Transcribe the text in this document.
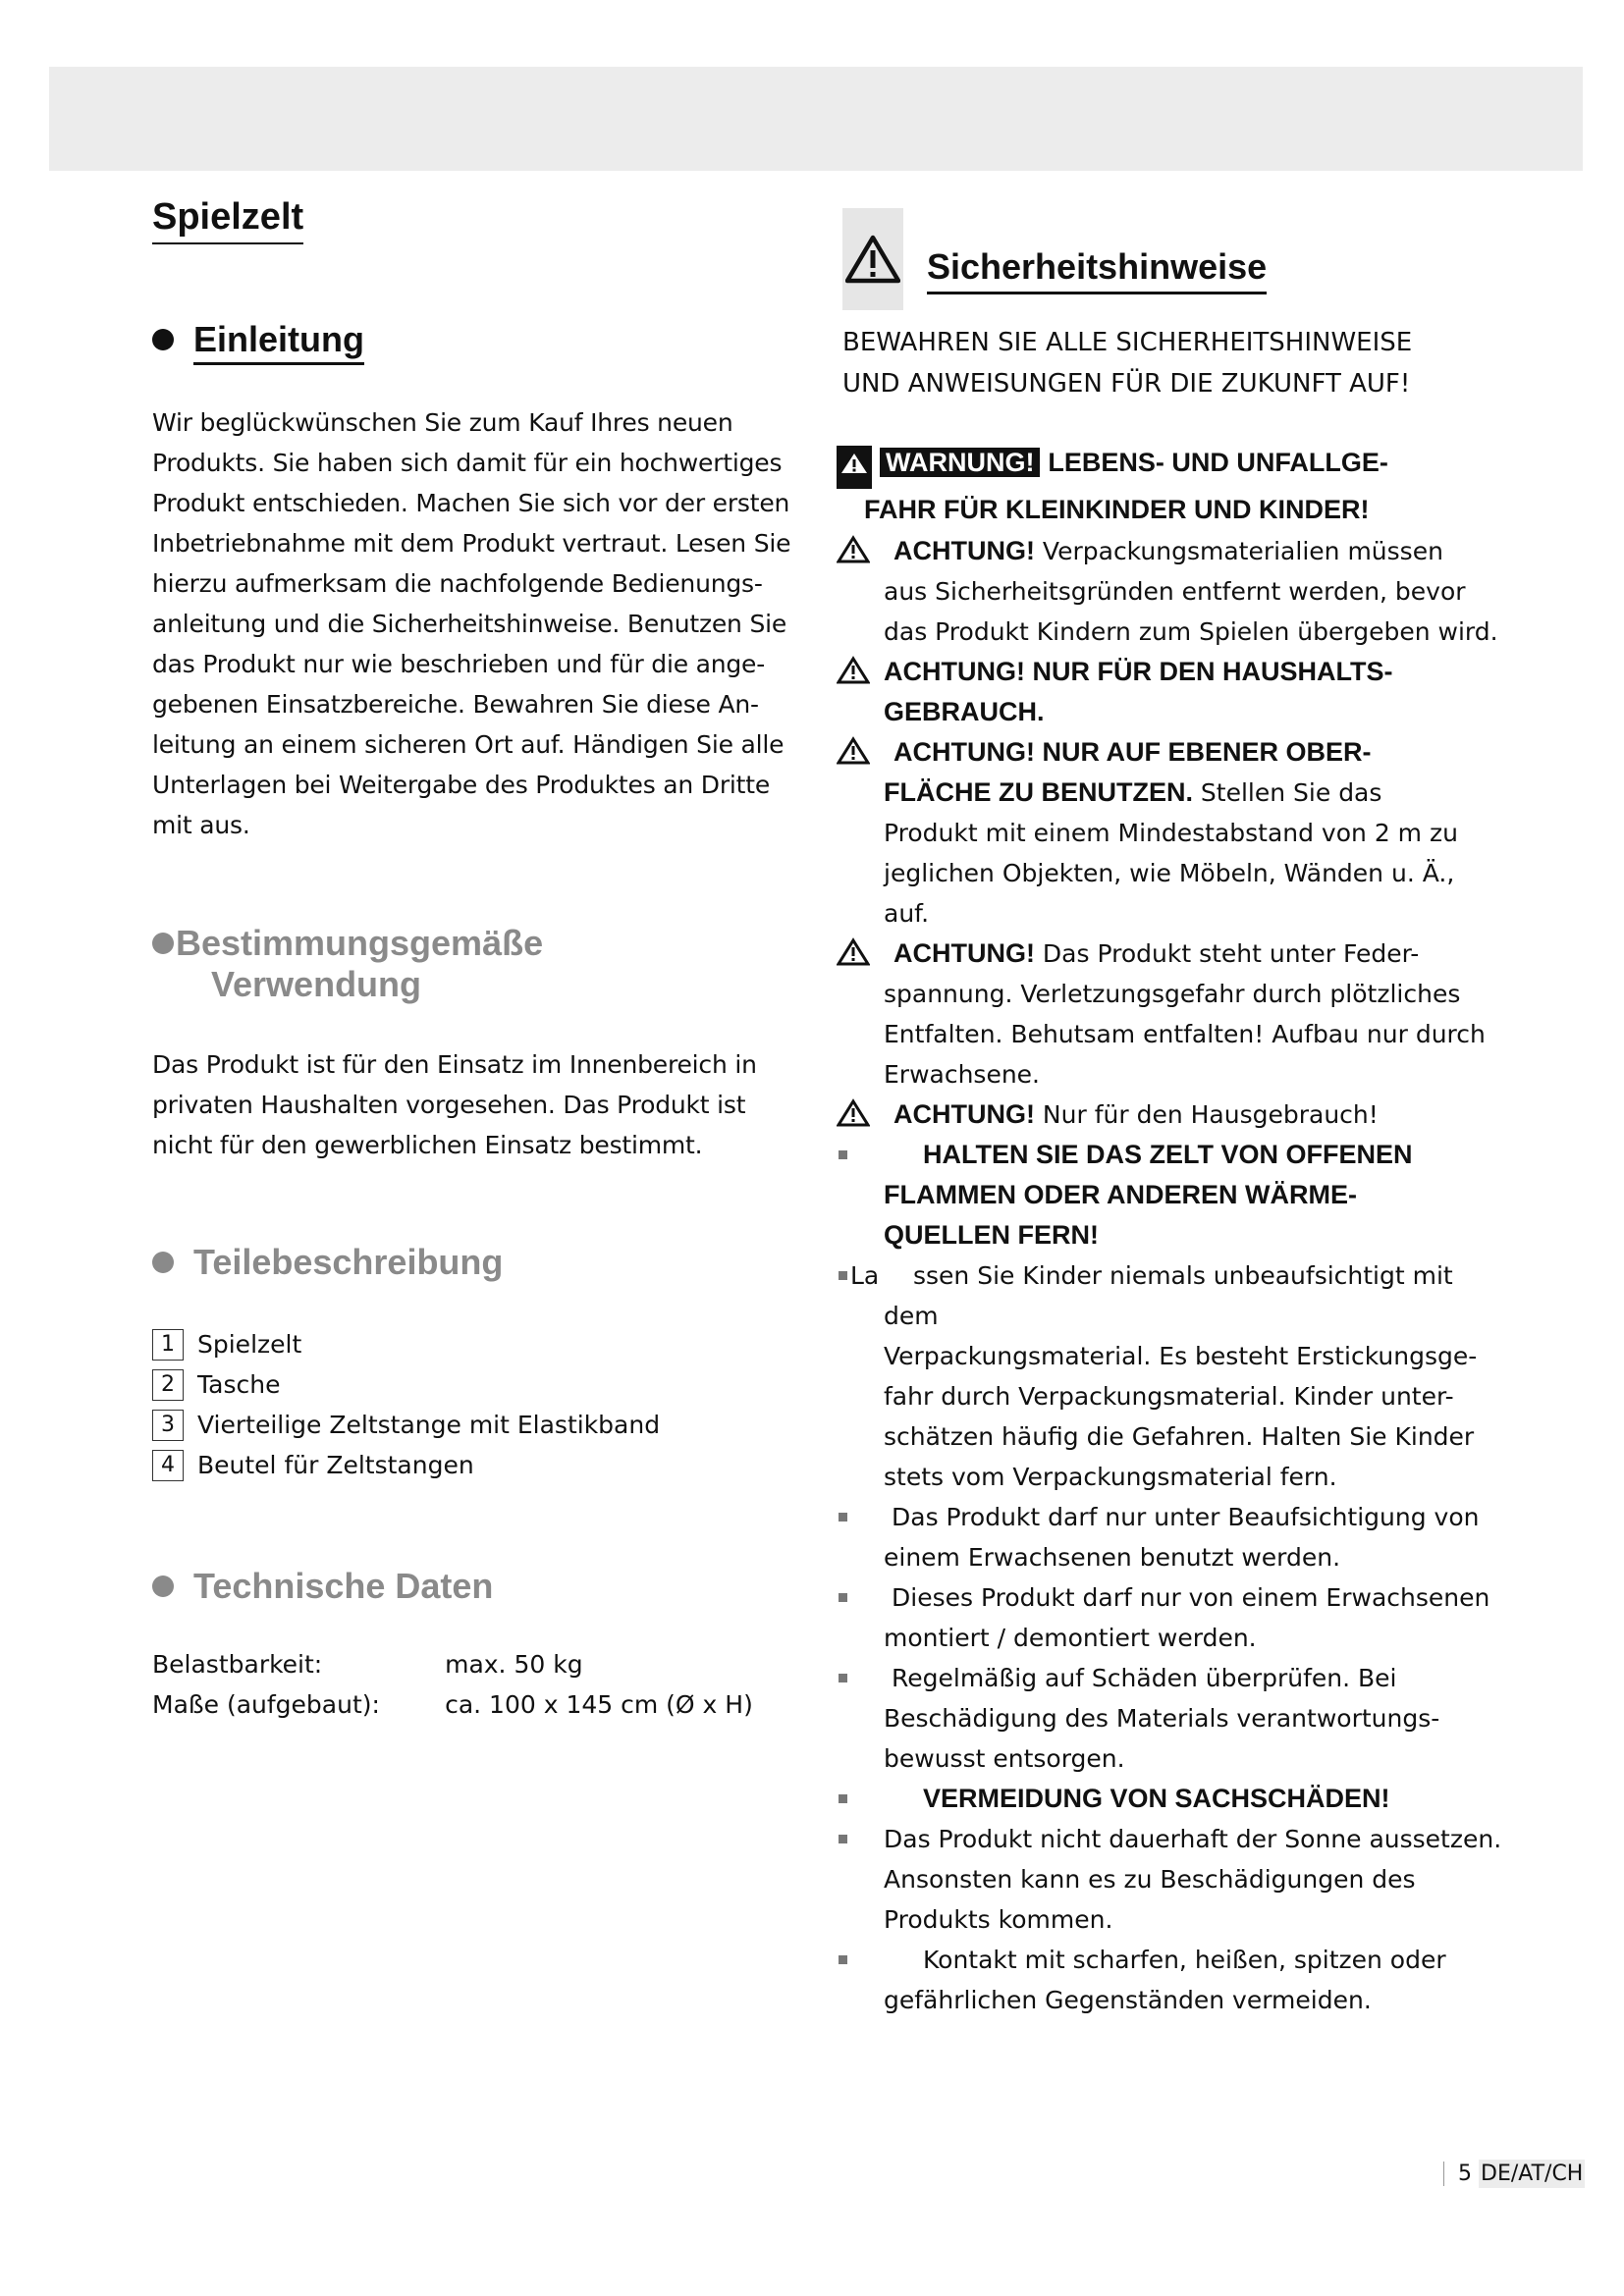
Spielzelt
Einleitung
Wir beglückwünschen Sie zum Kauf Ihres neuen
Produkts. Sie haben sich damit für ein hochwertiges
Produkt entschieden. Machen Sie sich vor der ersten
Inbetriebnahme mit dem Produkt vertraut. Lesen Sie
hierzu aufmerksam die nachfolgende Bedienungs-
anleitung und die Sicherheitshinweise. Benutzen Sie
das Produkt nur wie beschrieben und für die ange-
gebenen Einsatzbereiche. Bewahren Sie diese An-
leitung an einem sicheren Ort auf. Händigen Sie alle
Unterlagen bei Weitergabe des Produktes an Dritte
mit aus.
Bestimmungsgemäße
Verwendung
Das Produkt ist für den Einsatz im Innenbereich in
privaten Haushalten vorgesehen. Das Produkt ist
nicht für den gewerblichen Einsatz bestimmt.
Teilebeschreibung
1 Spielzelt
2 Tasche
3 Vierteilige Zeltstange mit Elastikband
4 Beutel für Zeltstangen
Technische Daten
Belastbarkeit:	max. 50 kg
Maße (aufgebaut):	ca. 100 x 145 cm (Ø x H)
Sicherheitshinweise
BEWAHREN SIE ALLE SICHERHEITSHINWEISE
UND ANWEISUNGEN FÜR DIE ZUKUNFT AUF!
WARNUNG! LEBENS- UND UNFALLGE-
FAHR FÜR KLEINKINDER UND KINDER!
ACHTUNG! Verpackungsmaterialien müssen
aus Sicherheitsgründen entfernt werden, bevor
das Produkt Kindern zum Spielen übergeben wird.
ACHTUNG! NUR FÜR DEN HAUSHALTS-
GEBRAUCH.
ACHTUNG! NUR AUF EBENER OBER-
FLÄCHE ZU BENUTZEN. Stellen Sie das
Produkt mit einem Mindestabstand von 2 m zu
jeglichen Objekten, wie Möbeln, Wänden u. Ä.,
auf.
ACHTUNG! Das Produkt steht unter Feder-
spannung. Verletzungsgefahr durch plötzliches
Entfalten. Behutsam entfalten! Aufbau nur durch
Erwachsene.
ACHTUNG! Nur für den Hausgebrauch!
HALTEN SIE DAS ZELT VON OFFENEN
FLAMMEN ODER ANDEREN WÄRME-
QUELLEN FERN!
La ssen Sie Kinder niemals unbeaufsichtigt mit dem
Verpackungsmaterial. Es besteht Erstickungsge-
fahr durch Verpackungsmaterial. Kinder unter-
schätzen häufig die Gefahren. Halten Sie Kinder
stets vom Verpackungsmaterial fern.
Das Produkt darf nur unter Beaufsichtigung von
einem Erwachsenen benutzt werden.
Dieses Produkt darf nur von einem Erwachsenen
montiert / demontiert werden.
Regelmäßig auf Schäden überprüfen. Bei
Beschädigung des Materials verantwortungs-
bewusst entsorgen.
VERMEIDUNG VON SACHSCHÄDEN!
Das Produkt nicht dauerhaft der Sonne aussetzen.
Ansonsten kann es zu Beschädigungen des
Produkts kommen.
Kontakt mit scharfen, heißen, spitzen oder
gefährlichen Gegenständen vermeiden.
5 DE/AT/CH
